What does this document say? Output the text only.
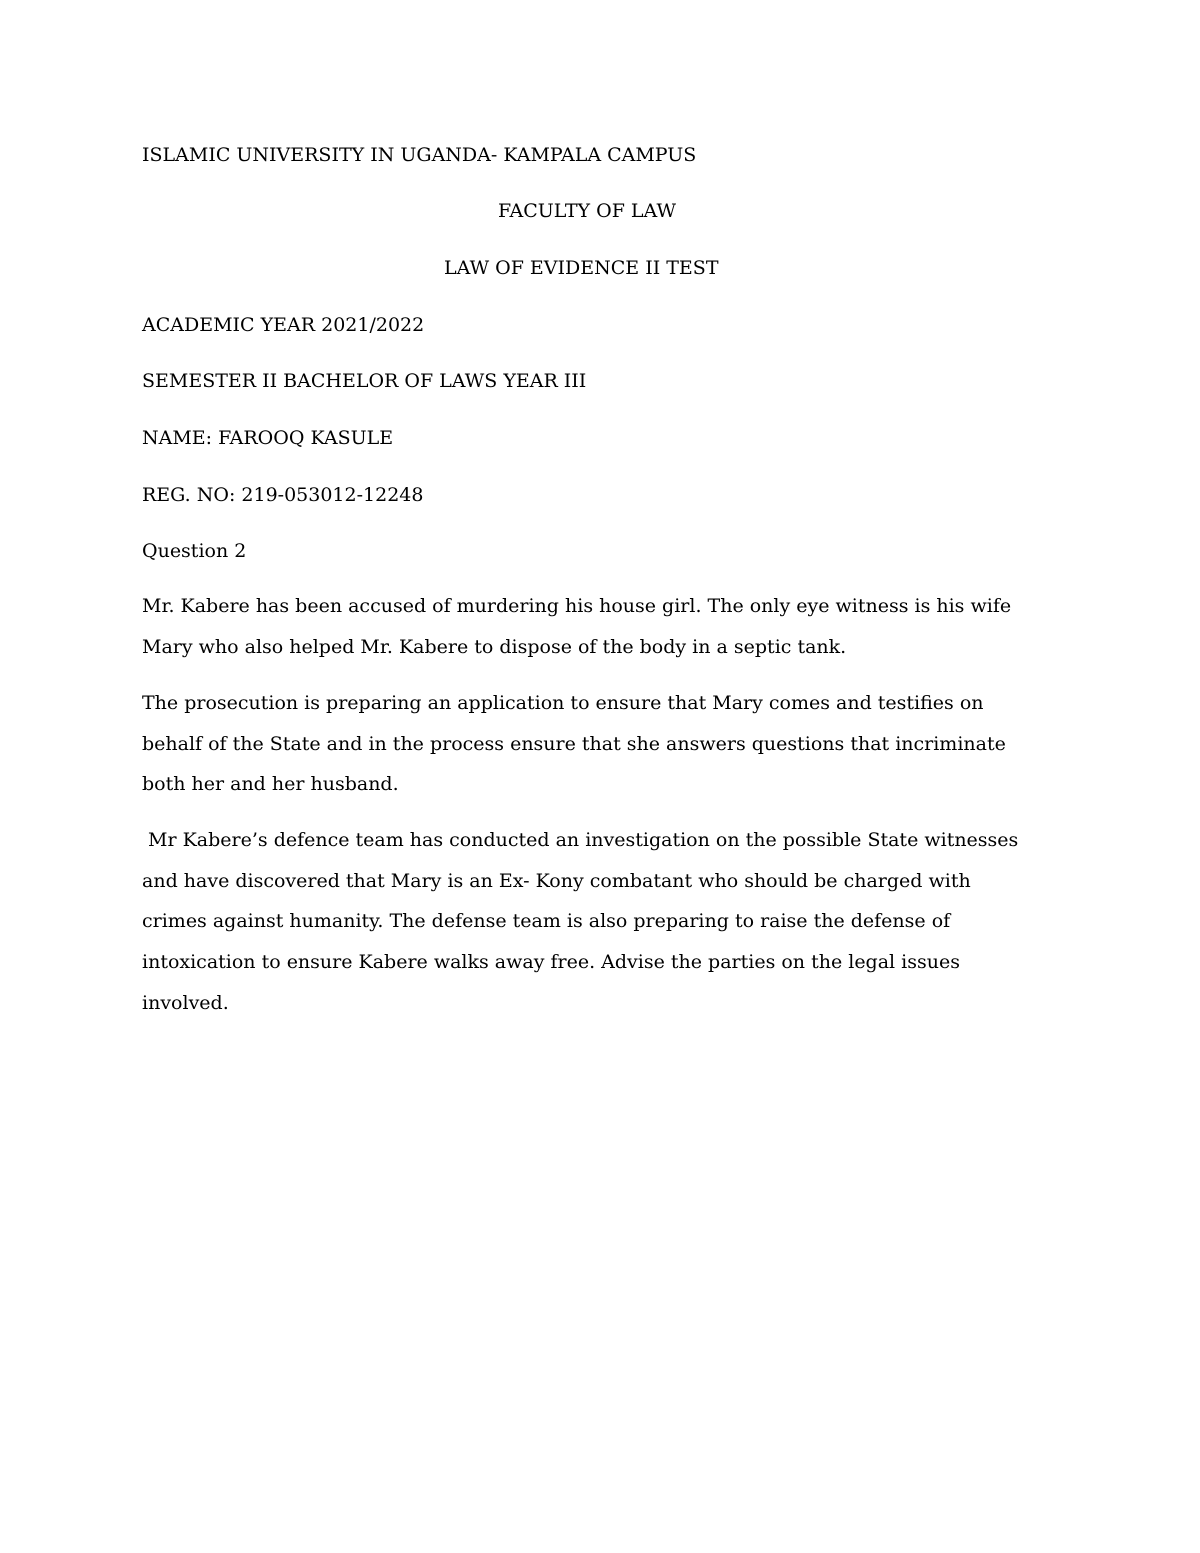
ISLAMIC UNIVERSITY IN UGANDA- KAMPALA CAMPUS

FACULTY OF LAW

LAW OF EVIDENCE II TEST

ACADEMIC YEAR 2021/2022

SEMESTER II BACHELOR OF LAWS YEAR III

NAME: FAROOQ KASULE

REG. NO: 219-053012-12248

Question 2

Mr. Kabere has been accused of murdering his house girl. The only eye witness is his wife
Mary who also helped Mr. Kabere to dispose of the body in a septic tank.
The prosecution is preparing an application to ensure that Mary comes and testifies on
behalf of the State and in the process ensure that she answers questions that incriminate
both her and her husband.
Mr Kabere’s defence team has conducted an investigation on the possible State witnesses
and have discovered that Mary is an Ex- Kony combatant who should be charged with
crimes against humanity. The defense team is also preparing to raise the defense of
intoxication to ensure Kabere walks away free. Advise the parties on the legal issues
involved.
